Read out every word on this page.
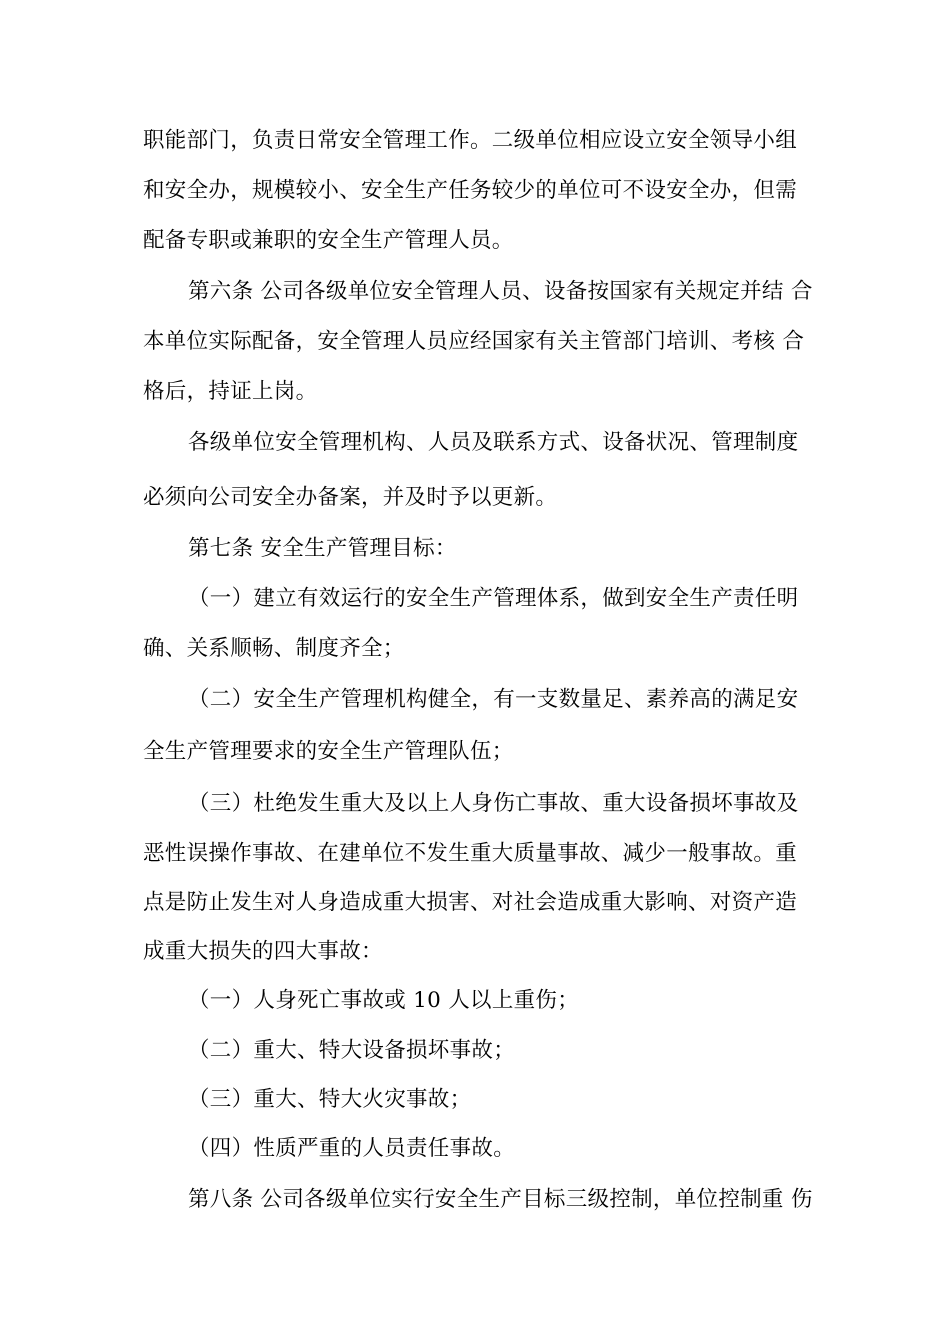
职能部门，负责日常安全管理工作。二级单位相应设立安全领导小组
和安全办，规模较小、安全生产任务较少的单位可不设安全办，但需
配备专职或兼职的安全生产管理人员。
第六条 公司各级单位安全管理人员、设备按国家有关规定并结 合
本单位实际配备，安全管理人员应经国家有关主管部门培训、考核 合
格后，持证上岗。
各级单位安全管理机构、人员及联系方式、设备状况、管理制度
必须向公司安全办备案，并及时予以更新。
第七条 安全生产管理目标：
（一）建立有效运行的安全生产管理体系，做到安全生产责任明
确、关系顺畅、制度齐全；
（二）安全生产管理机构健全，有一支数量足、素养高的满足安
全生产管理要求的安全生产管理队伍；
（三）杜绝发生重大及以上人身伤亡事故、重大设备损坏事故及
恶性误操作事故、在建单位不发生重大质量事故、减少一般事故。重
点是防止发生对人身造成重大损害、对社会造成重大影响、对资产造
成重大损失的四大事故：
（一）人身死亡事故或 10 人以上重伤；
（二）重大、特大设备损坏事故；
（三）重大、特大火灾事故；
（四）性质严重的人员责任事故。
第八条 公司各级单位实行安全生产目标三级控制，单位控制重 伤
